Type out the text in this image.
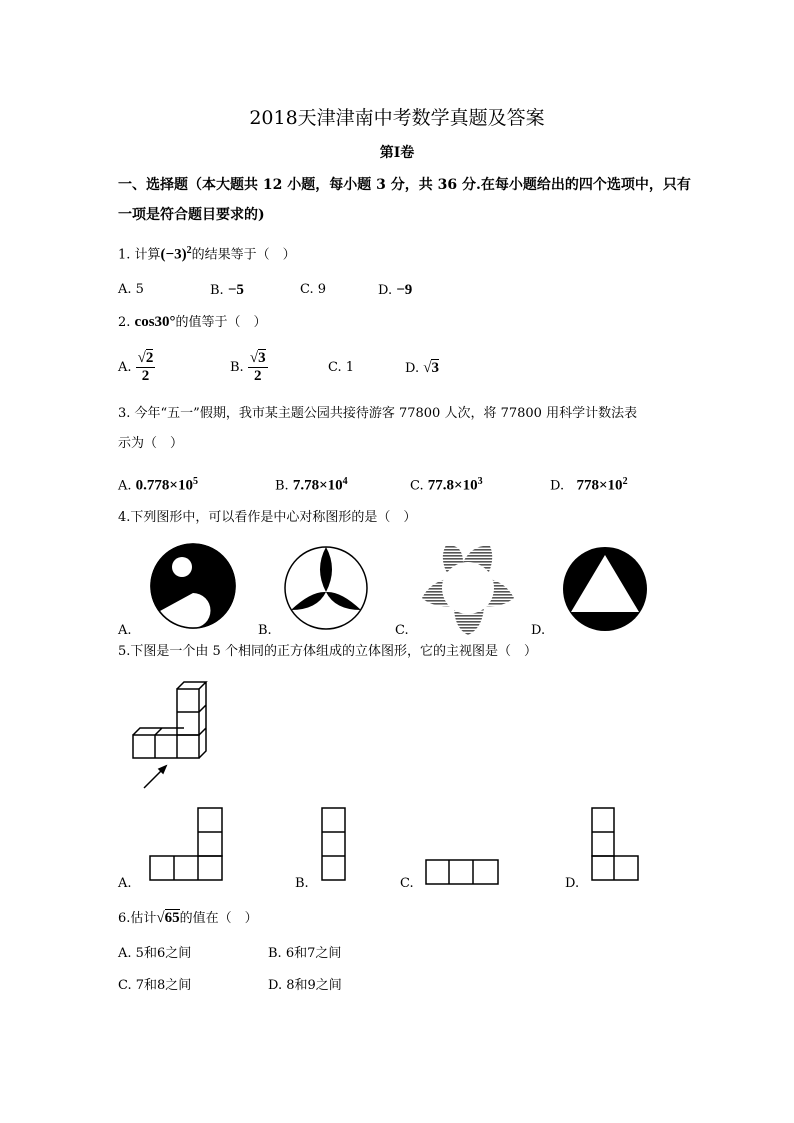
2018天津津南中考数学真题及答案
第Ⅰ卷
一、选择题（本大题共 12 小题，每小题 3 分，共 36 分.在每小题给出的四个选项中，只有
一项是符合题目要求的)
1. 计算$(-3)^2$的结果等于（　）
A. 5	B. −5	C. 9	D. −9
2. cos30°的值等于（　）
A. $\frac{√2}{2}$	B. $\frac{√3}{2}$	C. 1	D. √3
3. 今年“五一”假期，我市某主题公园共接待游客 77800 人次，将 77800 用科学计数法表
示为（　）
A. $0.778\times 10^5$	B. $7.78\times 10^4$	C. $77.8\times 10^3$	D. $778\times 10^2$
4.下列图形中，可以看作是中心对称图形的是（　）
A.	B.	C.	D.
5.下图是一个由 5 个相同的正方体组成的立体图形，它的主视图是（　）
A.	B.	C.	D.
6.估计√65的值在（　）
A. 5和6之间	B. 6和7之间
C. 7和8之间	D. 8和9之间
